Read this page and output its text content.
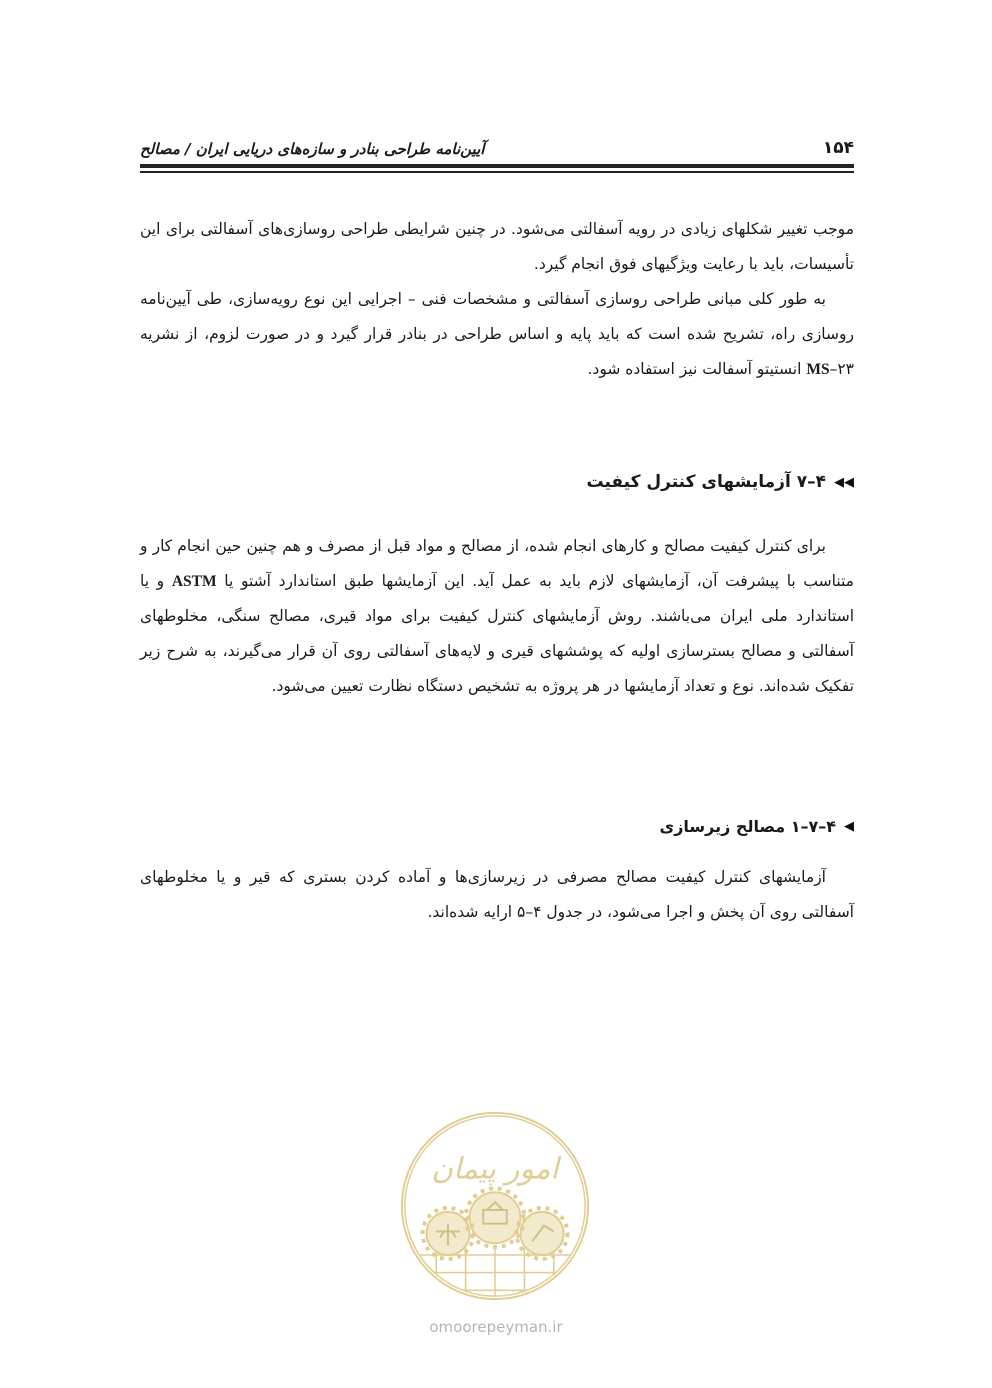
۱۵۴
آیین‌نامه طراحی بنادر و سازه‌های دریایی ایران / مصالح

موجب تغییر شکلهای زیادی در رویه آسفالتی می‌شود. در چنین شرایطی طراحی روسازی‌های آسفالتی برای این تأسیسات، باید با رعایت ویژگیهای فوق انجام گیرد.

به طور کلی مبانی طراحی روسازی آسفالتی و مشخصات فنی – اجرایی این نوع رویه‌سازی، طی آیین‌نامه روسازی راه، تشریح شده است که باید پایه و اساس طراحی در بنادر قرار گیرد و در صورت لزوم، از نشریه ۲۳–MS انستیتو آسفالت نیز استفاده شود.

◀◀
۴–۷ آزمایشهای کنترل کیفیت

برای کنترل کیفیت مصالح و کارهای انجام شده، از مصالح و مواد قبل از مصرف و هم چنین حین انجام کار و متناسب با پیشرفت آن، آزمایشهای لازم باید به عمل آید. این آزمایشها طبق استاندارد آشتو یا ASTM و یا استاندارد ملی ایران می‌باشند. روش آزمایشهای کنترل کیفیت برای مواد قیری، مصالح سنگی، مخلوطهای آسفالتی و مصالح بسترسازی اولیه که پوششهای قیری و لایه‌های آسفالتی روی آن قرار می‌گیرند، به شرح زیر تفکیک شده‌اند. نوع و تعداد آزمایشها در هر پروژه به تشخیص دستگاه نظارت تعیین می‌شود.

◀
۴–۷–۱ مصالح زیرسازی

آزمایشهای کنترل کیفیت مصالح مصرفی در زیرسازی‌ها و آماده کردن بستری که قیر و یا مخلوطهای آسفالتی روی آن پخش و اجرا می‌شود، در جدول ۴–۵ ارایه شده‌اند.

امور پیمان
omoorepeyman.ir
